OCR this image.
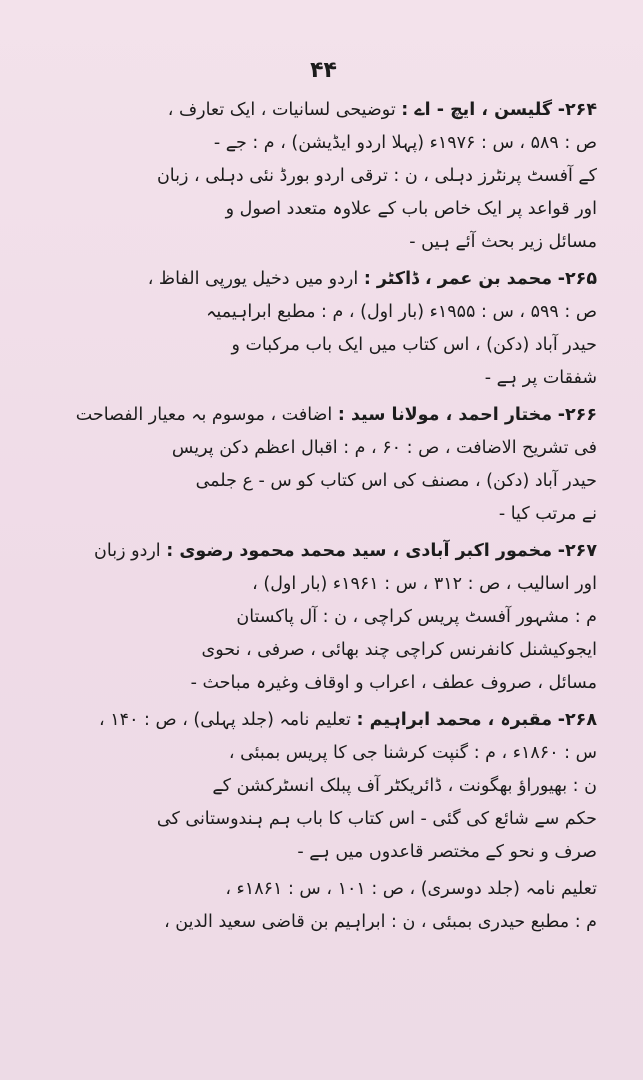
۴۴
۲۶۴- گلیسن ، ایچ - اے : توضیحی لسانیات ، ایک تعارف ،
ص : ۵۸۹ ، س : ۱۹۷۶ء (پہلا اردو ایڈیشن) ، م : جے -
کے آفسٹ پرنٹرز دہلی ، ن : ترقی اردو بورڈ نئی دہلی ، زبان
اور قواعد پر ایک خاص باب کے علاوہ متعدد اصول و
مسائل زیر بحث آئے ہیں -
۲۶۵- محمد بن عمر ، ڈاکٹر : اردو میں دخیل یورپی الفاظ ،
ص : ۵۹۹ ، س : ۱۹۵۵ء (بار اول) ، م : مطبع ابراہیمیہ
حیدر آباد (دکن) ، اس کتاب میں ایک باب مرکبات و
شفقات پر ہے -
۲۶۶- مختار احمد ، مولانا سید : اضافت ، موسوم بہ معیار الفصاحت
فی تشریح الاضافت ، ص : ۶۰ ، م : اقبال اعظم دکن پریس
حیدر آباد (دکن) ، مصنف کی اس کتاب کو س - ع جلمی
نے مرتب کیا -
۲۶۷- مخمور اکبر آبادی ، سید محمد محمود رضوی : اردو زبان
اور اسالیب ، ص : ۳۱۲ ، س : ۱۹۶۱ء (بار اول) ،
م : مشہور آفسٹ پریس کراچی ، ن : آل پاکستان
ایجوکیشنل کانفرنس کراچی چند بھائی ، صرفی ، نحوی
مسائل ، صروف عطف ، اعراب و اوقاف وغیرہ مباحث -
۲۶۸- مقبرہ ، محمد ابراہیم : تعلیم نامہ (جلد پہلی) ، ص : ۱۴۰ ،
س : ۱۸۶۰ء ، م : گنپت کرشنا جی کا پریس بمبئی ،
ن : بھیوراؤ بھگونت ، ڈائریکٹر آف پبلک انسٹرکشن کے
حکم سے شائع کی گئی - اس کتاب کا باب ہم ہندوستانی کی
صرف و نحو کے مختصر قاعدوں میں ہے -
تعلیم نامہ (جلد دوسری) ، ص : ۱۰۱ ، س : ۱۸۶۱ء ،
م : مطبع حیدری بمبئی ، ن : ابراہیم بن قاضی سعید الدین ،
